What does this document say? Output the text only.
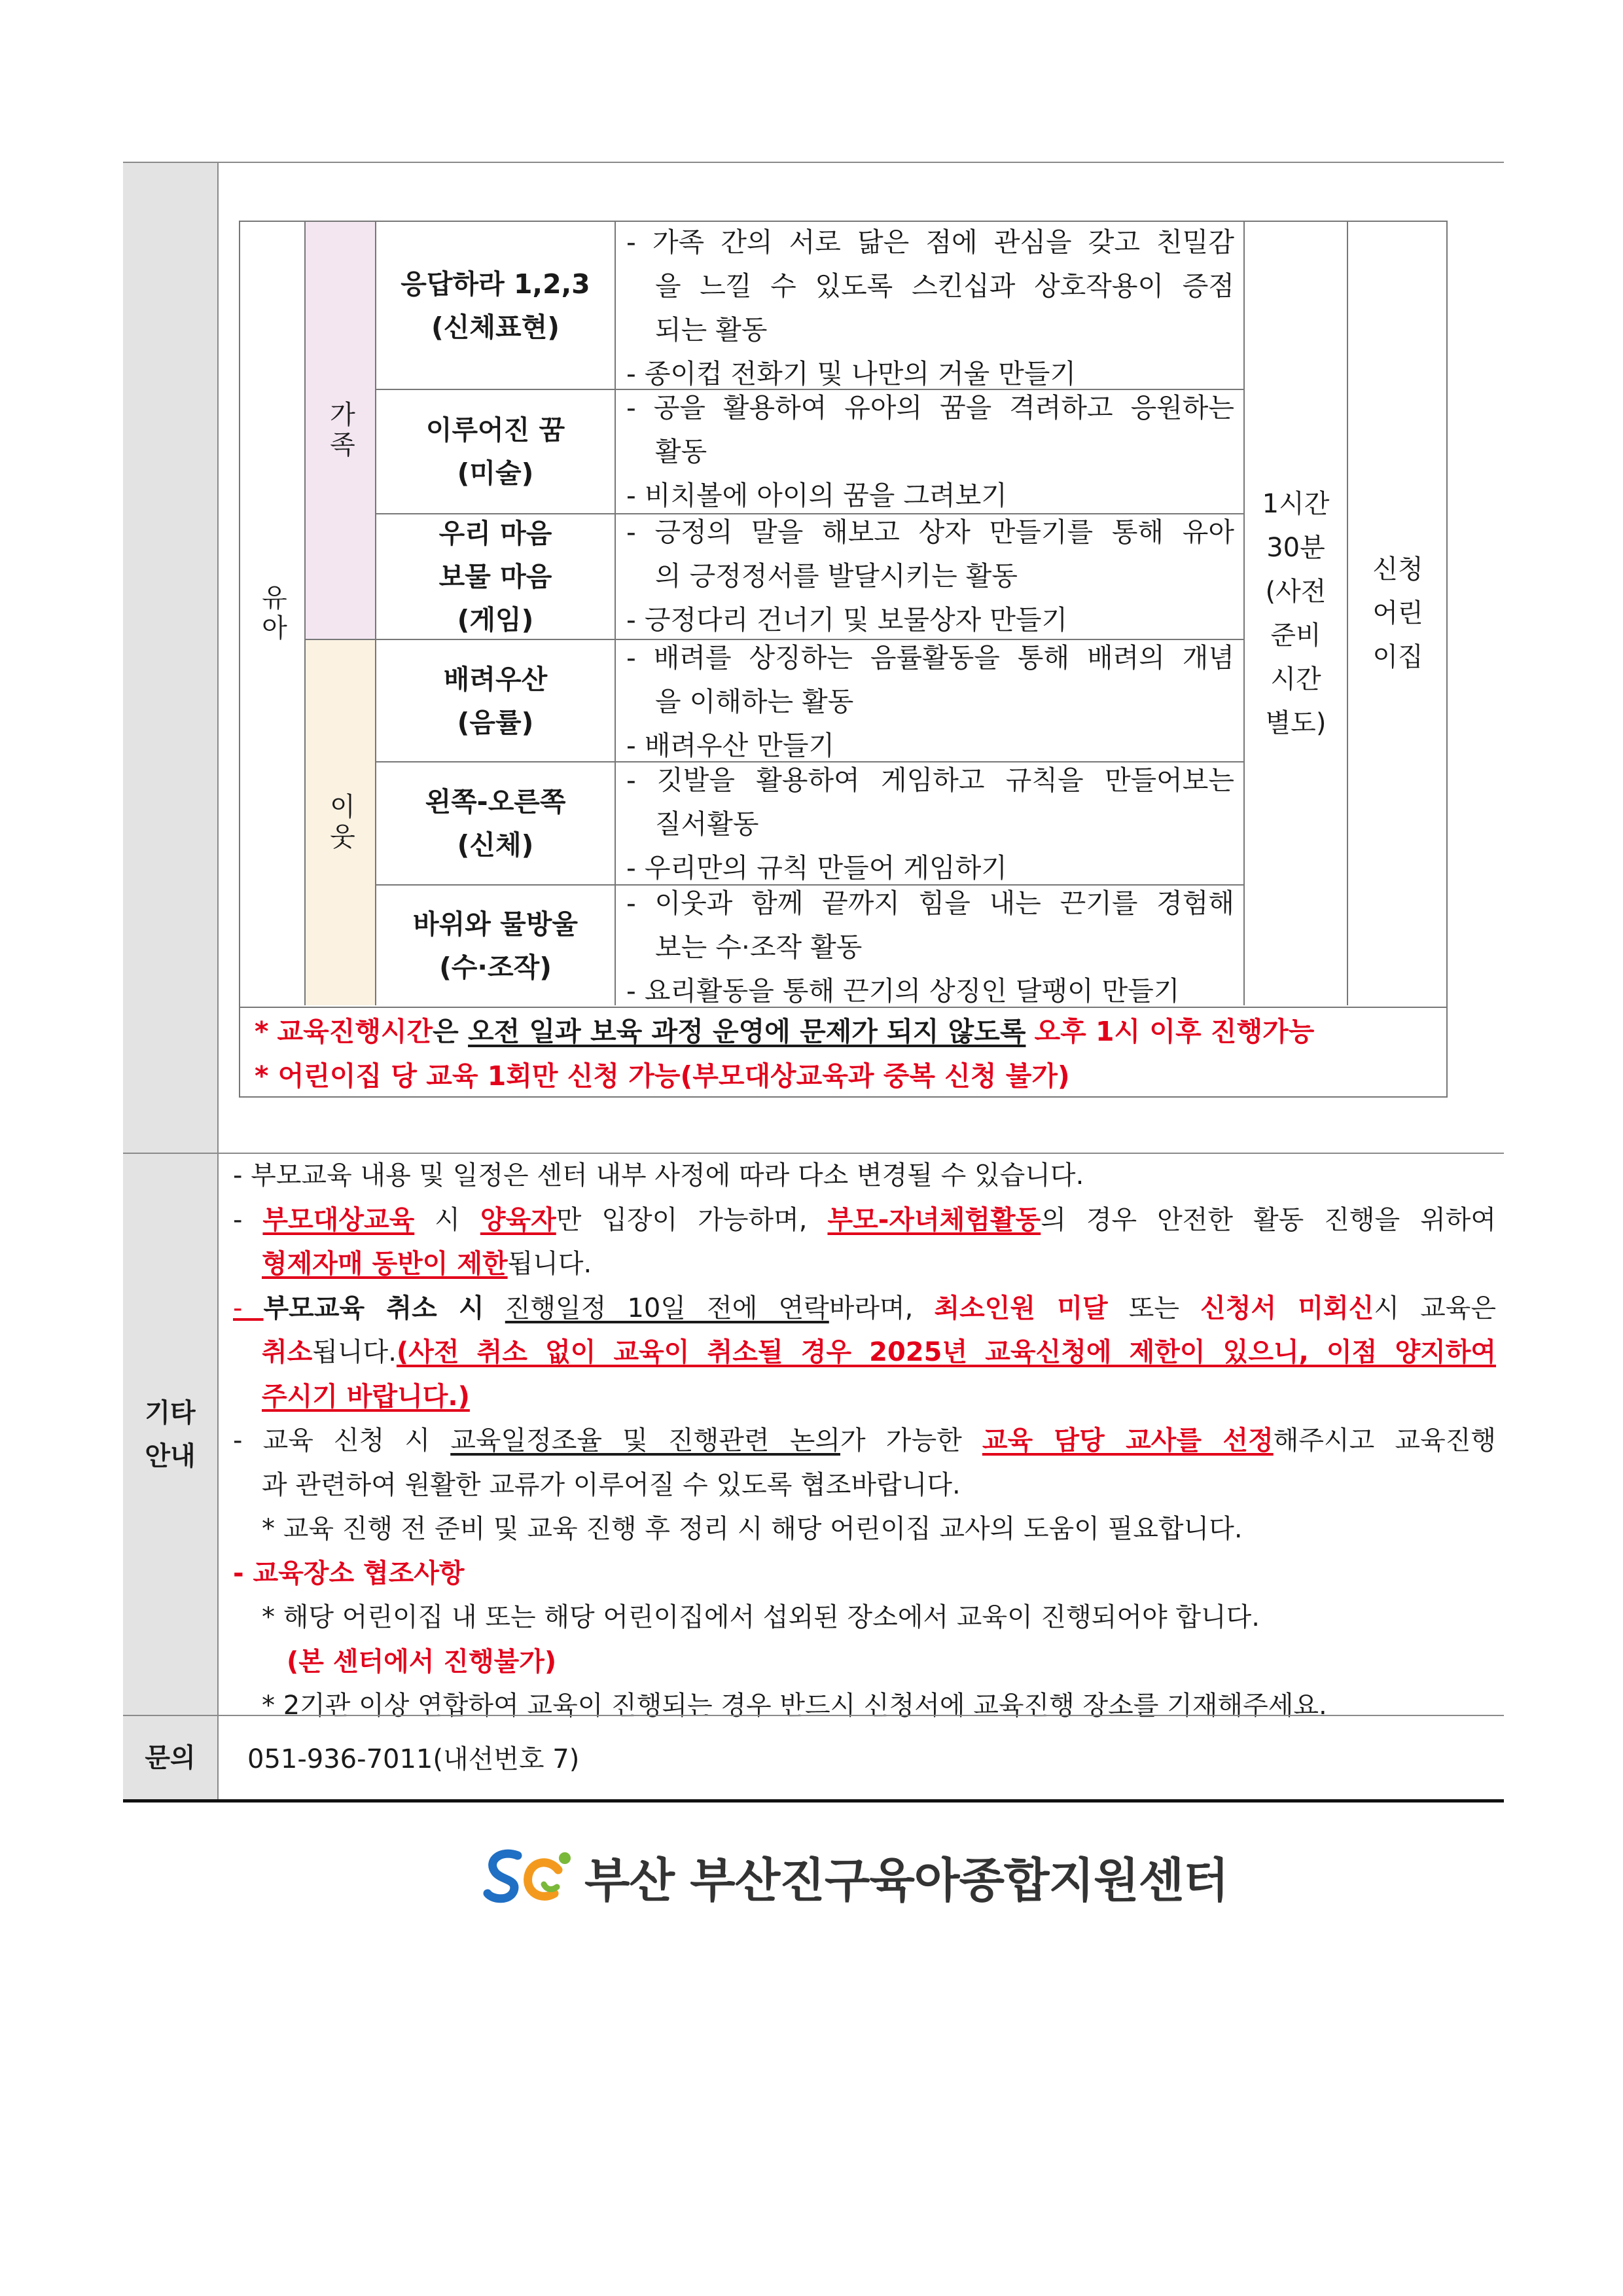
유아
가족
이웃
응답하라 1,2,3
(신체표현)
이루어진 꿈
(미술)
우리 마음
보물 마음
(게임)
배려우산
(음률)
왼쪽-오른쪽
(신체)
바위와 물방울
(수·조작)
- 가족 간의 서로 닮은 점에 관심을 갖고 친밀감
을 느낄 수 있도록 스킨십과 상호작용이 증점
되는 활동
- 종이컵 전화기 및 나만의 거울 만들기
- 공을 활용하여 유아의 꿈을 격려하고 응원하는
활동
- 비치볼에 아이의 꿈을 그려보기
- 긍정의 말을 해보고 상자 만들기를 통해 유아
의 긍정정서를 발달시키는 활동
- 긍정다리 건너기 및 보물상자 만들기
- 배려를 상징하는 음률활동을 통해 배려의 개념
을 이해하는 활동
- 배려우산 만들기
- 깃발을 활용하여 게임하고 규칙을 만들어보는
질서활동
- 우리만의 규칙 만들어 게임하기
- 이웃과 함께 끝까지 힘을 내는 끈기를 경험해
보는 수·조작 활동
- 요리활동을 통해 끈기의 상징인 달팽이 만들기
1시간
30분
(사전
준비
시간
별도)
신청
어린
이집
* 교육진행시간은 오전 일과 보육 과정 운영에 문제가 되지 않도록 오후 1시 이후 진행가능
* 어린이집 당 교육 1회만 신청 가능(부모대상교육과 중복 신청 불가)
기타
안내
- 부모교육 내용 및 일정은 센터 내부 사정에 따라 다소 변경될 수 있습니다.
- 부모대상교육 시 양육자만 입장이 가능하며, 부모-자녀체험활동의 경우 안전한 활동 진행을 위하여
형제자매 동반이 제한됩니다.
- 부모교육 취소 시 진행일정 10일 전에 연락바라며, 최소인원 미달 또는 신청서 미회신시 교육은
취소됩니다.(사전 취소 없이 교육이 취소될 경우 2025년 교육신청에 제한이 있으니, 이점 양지하여
주시기 바랍니다.)
- 교육 신청 시 교육일정조율 및 진행관련 논의가 가능한 교육 담당 교사를 선정해주시고 교육진행
과 관련하여 원활한 교류가 이루어질 수 있도록 협조바랍니다.
* 교육 진행 전 준비 및 교육 진행 후 정리 시 해당 어린이집 교사의 도움이 필요합니다.
- 교육장소 협조사항
* 해당 어린이집 내 또는 해당 어린이집에서 섭외된 장소에서 교육이 진행되어야 합니다.
(본 센터에서 진행불가)
* 2기관 이상 연합하여 교육이 진행되는 경우 반드시 신청서에 교육진행 장소를 기재해주세요.
문의	051-936-7011(내선번호 7)
부산 부산진구육아종합지원센터
